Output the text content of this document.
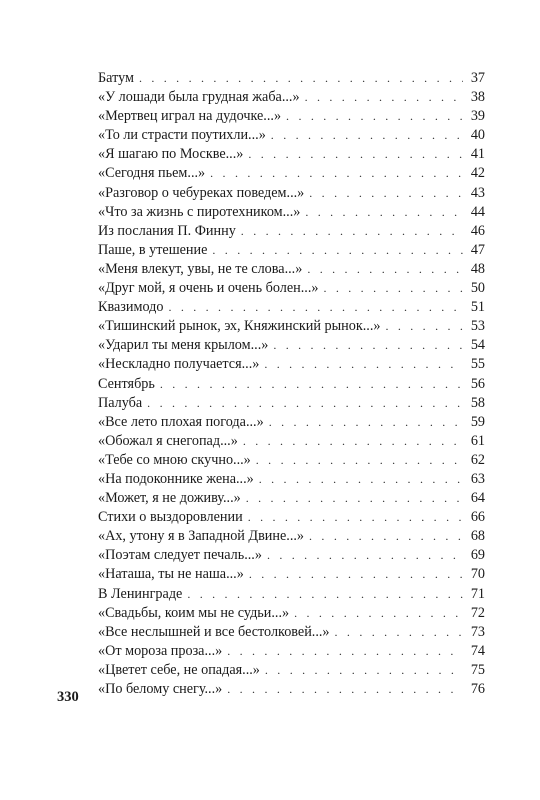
Батум . . .	37
«У лошади была грудная жаба...» . . .	38
«Мертвец играл на дудочке...» . . .	39
«То ли страсти поутихли...» . . .	40
«Я шагаю по Москве...» . . .	41
«Сегодня пьем...» . . .	42
«Разговор о чебуреках поведем...» . . .	43
«Что за жизнь с пиротехником...» . . .	44
Из послания П. Финну . . .	46
Паше, в утешение . . .	47
«Меня влекут, увы, не те слова...» . . .	48
«Друг мой, я очень и очень болен...» . . .	50
Квазимодо . . .	51
«Тишинский рынок, эх, Княжинский рынок...» . . .	53
«Ударил ты меня крылом...» . . .	54
«Нескладно получается...» . . .	55
Сентябрь . . .	56
Палуба . . .	58
«Все лето плохая погода...» . . .	59
«Обожал я снегопад...» . . .	61
«Тебе со мною скучно...» . . .	62
«На подоконнике жена...» . . .	63
«Может, я не доживу...» . . .	64
Стихи о выздоровлении . . .	66
«Ах, утону я в Западной Двине...» . . .	68
«Поэтам следует печаль...» . . .	69
«Наташа, ты не наша...» . . .	70
В Ленинграде . . .	71
«Свадьбы, коим мы не судьи...» . . .	72
«Все неслышней и все бестолковей...» . . .	73
«От мороза проза...» . . .	74
«Цветет себе, не опадая...» . . .	75
«По белому снегу...» . . .	76
330
